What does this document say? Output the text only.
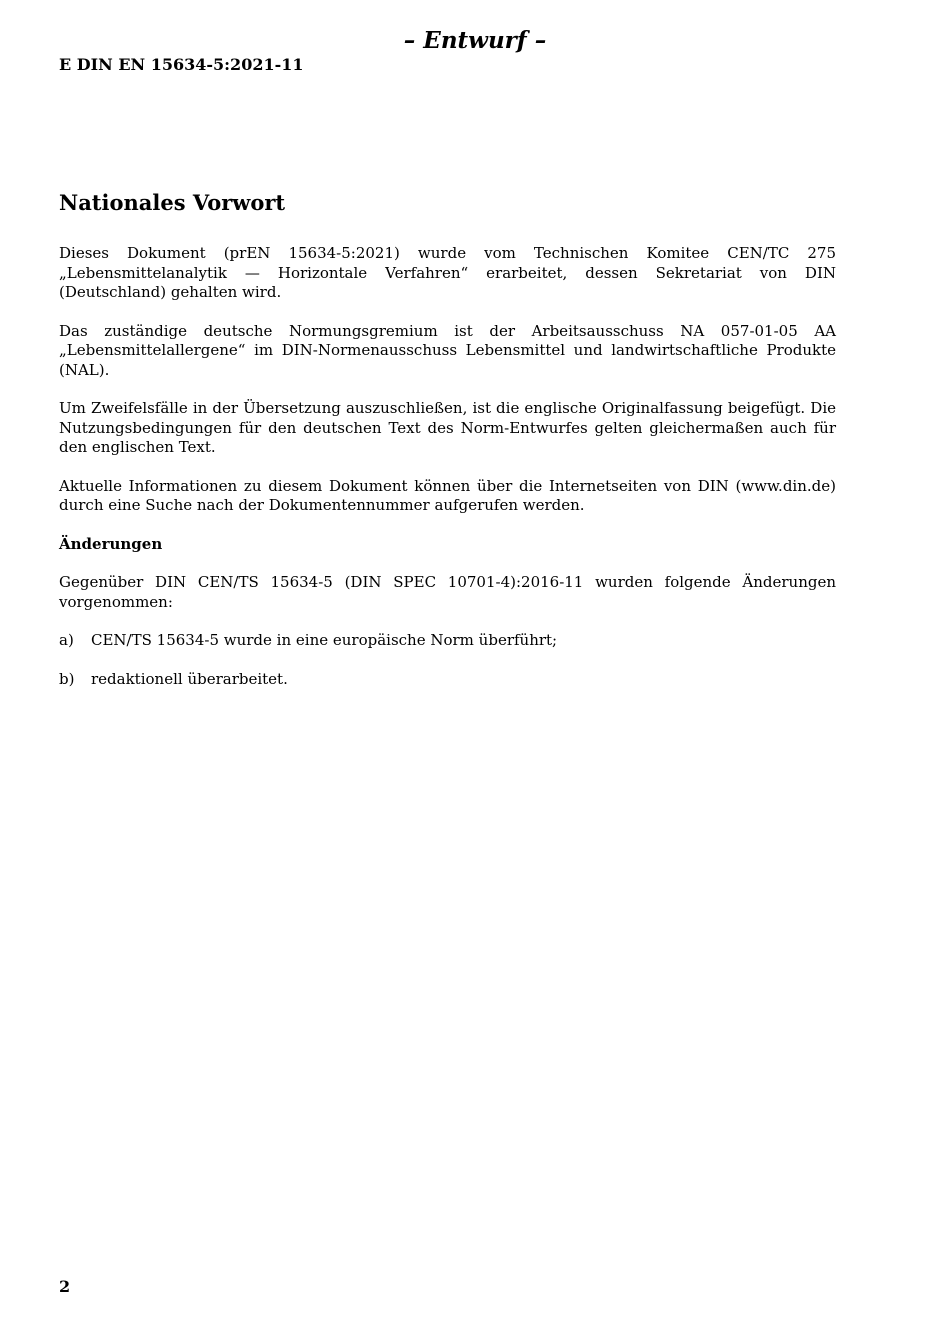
– Entwurf –
E DIN EN 15634-5:2021-11
Nationales Vorwort

Dieses Dokument (prEN 15634-5:2021) wurde vom Technischen Komitee CEN/TC 275 „Lebensmittelanalytik — Horizontale Verfahren“ erarbeitet, dessen Sekretariat von DIN (Deutschland) gehalten wird.

Das zuständige deutsche Normungsgremium ist der Arbeitsausschuss NA 057-01-05 AA „Lebensmittelallergene“ im DIN-Normenausschuss Lebensmittel und landwirtschaftliche Produkte (NAL).

Um Zweifelsfälle in der Übersetzung auszuschließen, ist die englische Originalfassung beigefügt. Die Nutzungsbedingungen für den deutschen Text des Norm-Entwurfes gelten gleichermaßen auch für den englischen Text.

Aktuelle Informationen zu diesem Dokument können über die Internetseiten von DIN (www.din.de) durch eine Suche nach der Dokumentennummer aufgerufen werden.

Änderungen

Gegenüber DIN CEN/TS 15634-5 (DIN SPEC 10701-4):2016-11 wurden folgende Änderungen vorgenommen:

a)	CEN/TS 15634-5 wurde in eine europäische Norm überführt;
b)	redaktionell überarbeitet.
2
